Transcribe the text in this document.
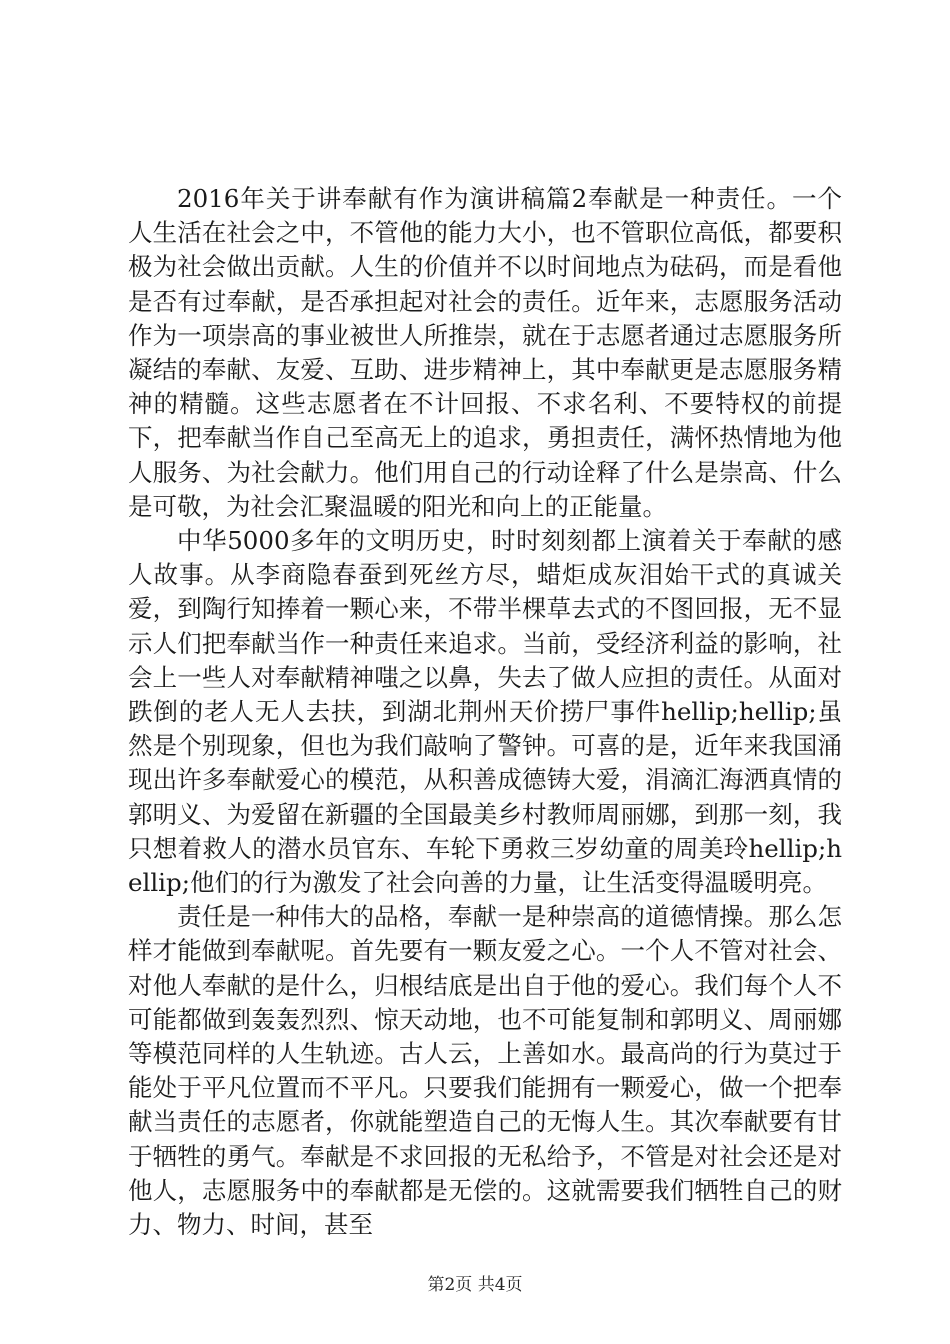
2016年关于讲奉献有作为演讲稿篇2奉献是一种责任。一个人生活在社会之中，不管他的能力大小，也不管职位高低，都要积极为社会做出贡献。人生的价值并不以时间地点为砝码，而是看他是否有过奉献，是否承担起对社会的责任。近年来，志愿服务活动作为一项崇高的事业被世人所推崇，就在于志愿者通过志愿服务所凝结的奉献、友爱、互助、进步精神上，其中奉献更是志愿服务精神的精髓。这些志愿者在不计回报、不求名利、不要特权的前提下，把奉献当作自己至高无上的追求，勇担责任，满怀热情地为他人服务、为社会献力。他们用自己的行动诠释了什么是崇高、什么是可敬，为社会汇聚温暖的阳光和向上的正能量。

中华5000多年的文明历史，时时刻刻都上演着关于奉献的感人故事。从李商隐春蚕到死丝方尽，蜡炬成灰泪始干式的真诚关爱，到陶行知捧着一颗心来，不带半棵草去式的不图回报，无不显示人们把奉献当作一种责任来追求。当前，受经济利益的影响，社会上一些人对奉献精神嗤之以鼻，失去了做人应担的责任。从面对跌倒的老人无人去扶，到湖北荆州天价捞尸事件hellip;hellip;虽然是个别现象，但也为我们敲响了警钟。可喜的是，近年来我国涌现出许多奉献爱心的模范，从积善成德铸大爱，涓滴汇海洒真情的郭明义、为爱留在新疆的全国最美乡村教师周丽娜，到那一刻，我只想着救人的潜水员官东、车轮下勇救三岁幼童的周美玲hellip;hellip;他们的行为激发了社会向善的力量，让生活变得温暖明亮。

责任是一种伟大的品格，奉献一是种崇高的道德情操。那么怎样才能做到奉献呢。首先要有一颗友爱之心。一个人不管对社会、对他人奉献的是什么，归根结底是出自于他的爱心。我们每个人不可能都做到轰轰烈烈、惊天动地，也不可能复制和郭明义、周丽娜等模范同样的人生轨迹。古人云，上善如水。最高尚的行为莫过于能处于平凡位置而不平凡。只要我们能拥有一颗爱心，做一个把奉献当责任的志愿者，你就能塑造自己的无悔人生。其次奉献要有甘于牺牲的勇气。奉献是不求回报的无私给予，不管是对社会还是对他人，志愿服务中的奉献都是无偿的。这就需要我们牺牲自己的财力、物力、时间，甚至

第2页 共4页
